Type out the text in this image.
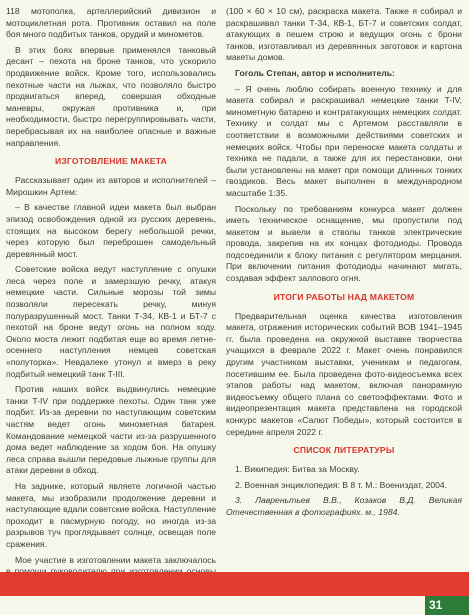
118 мотополка, артеллерийский дивизион и мотоциклетная рота. Противник оставил на поле боя много подбитых танков, орудий и минометов.

В этих боях впервые применялся танковый десант – пехота на броне танков, что ускорило продвижение войск. Кроме того, использовались пехотные части на лыжах, что позволяло быстро продвигаться вперед, совершая обходные маневры, окружая противника и, при необходимости, быстро перегруппировывать части, перебрасывая их на наиболее опасные и важные направления.

ИЗГОТОВЛЕНИЕ МАКЕТА

Рассказывает один из авторов и исполнителей – Мирошкин Артем:

– В качестве главной идеи макета был выбран эпизод освобождения одной из русских деревень, стоящих на высоком берегу небольшой речки, через которую был переброшен самодельный деревянный мост.

Советские войска ведут наступление с опушки леса через поле и замерзшую речку, атакуя немецкие части. Сильные морозы той зимы позволяли пересекать речку, минуя полуразрушенный мост. Танки Т-34, КВ-1 и БТ-7 с пехотой на броне ведут огонь на полном ходу. Около моста лежит подбитая еще во время летне-осеннего наступления немцев советская «полуторка». Невдалеке утонул и вмерз в реку подбитый немецкий танк T-III.

Против наших войск выдвинулись немецкие танки T-IV при поддержке пехоты. Один танк уже подбит. Из-за деревни по наступающим советским частям ведет огонь минометная батарея. Командование немецкой части из-за разрушенного дома ведет наблюдение за ходом боя. На опушку леса справа вышли передовые лыжные группы для атаки деревни в обход.

На заднике, который являете логичной частью макета, мы изобразили продолжение деревни и наступающие вдали советские войска. Наступление проходит в пасмурную погоду, но иногда из-за разрывов туч проглядывает солнце, освещая поле сражения.

Мое участие в изготовлении макета заключалось

(100 × 60 × 10 см), раскраска макета. Также я собирал и раскрашивал танки Т-34, КВ-1, БТ-7 и советских солдат, атакующих в пешем строю и ведущих огонь с брони танков, изготавливал из деревянных заготовок и картона макеты домов.

Гоголь Степан, автор и исполнитель:

– Я очень люблю собирать военную технику и для макета собирал и раскрашивал немецкие танки T-IV, минометную батарею и контратакующих немецких солдат. Технику и солдат мы с Артемом расставляли в соответствии в возможными действиями советских и немецких войск. Чтобы при переноске макета солдаты и техника не падали, а также для их перестановки, они были установлены на макет при помощи длинных тонких гвоздиков. Весь макет выполнен в международном масштабе 1:35.

Поскольку по требованиям конкурса макет должен иметь техническое оснащение, мы пропустили под макетом и вывели в стволы танков электрические провода, закрепив на их концах фотодиоды. Провода подсоединили к блоку питания с регулятором мерцания. При включении питания фотодиоды начинают мигать, создавая эффект залпового огня.

ИТОГИ РАБОТЫ НАД МАКЕТОМ

Предварительная оценка качества изготовления макета, отражения исторических событий ВОВ 1941–1945 гг. была проведена на окружной выставке творчества учащихся в феврале 2022 г. Макет очень понравился другим участникам выставки, ученикам и педагогам, посетившим ее. Была проведена фото-видеосъемка всех этапов работы над макетом, включая панорамную видеосъемку общего плана со светоэффектами. Фото и видеопрезентация макета представлена на городской конкурс макетов «Салют Победы», который состоится в середине апреля 2022 г.

СПИСОК ЛИТЕРАТУРЫ

1. Википедия: Битва за Москву.

2. Военная энциклопедия: В 8 т. М.: Воениздат, 2004.

3. Лавреньтьев В.В., Козаков В.Д. Великая Отечественная в фотографиях. м., 1984.

31
